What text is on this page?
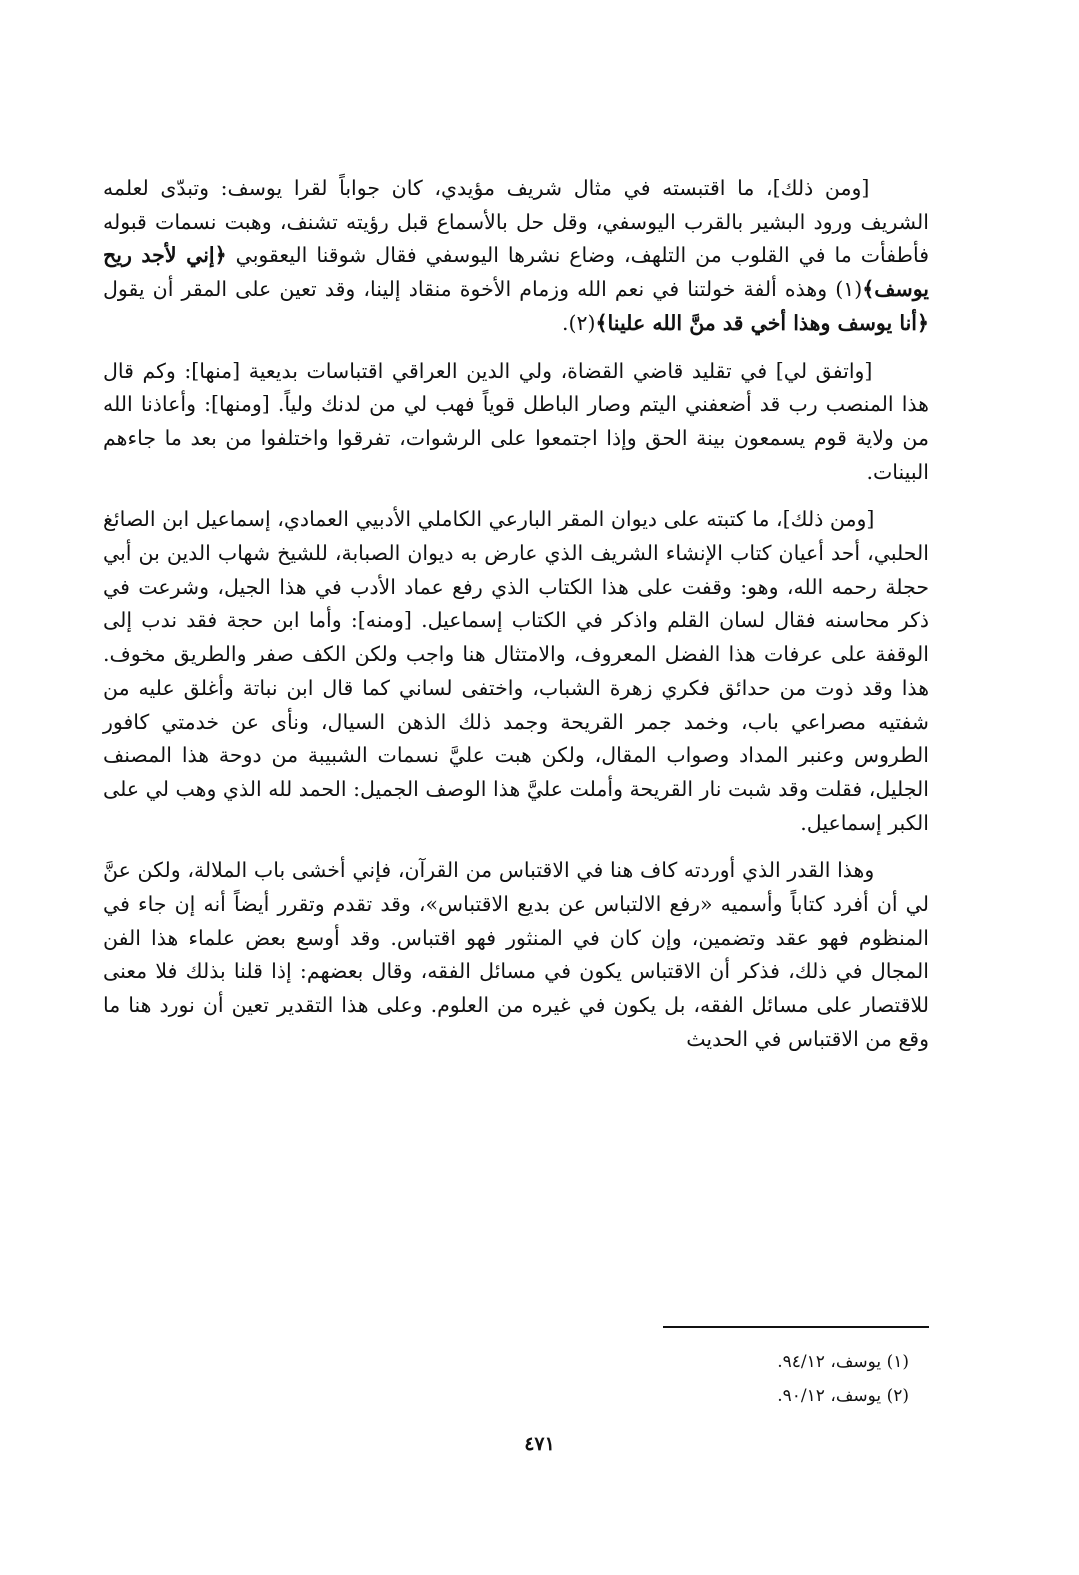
[ومن ذلك]، ما اقتبسته في مثال شريف مؤيدي، كان جواباً لقرا يوسف: وتبدّى لعلمه الشريف ورود البشير بالقرب اليوسفي، وقل حل بالأسماع قبل رؤيته تشنف، وهبت نسمات قبوله فأطفأت ما في القلوب من التلهف، وضاع نشرها اليوسفي فقال شوقنا اليعقوبي ﴿إني لأجد ريح يوسف﴾(١) وهذه ألفة خولتنا في نعم الله وزمام الأخوة منقاد إلينا، وقد تعين على المقر أن يقول ﴿أنا يوسف وهذا أخي قد منَّ الله علينا﴾(٢).

[واتفق لي] في تقليد قاضي القضاة، ولي الدين العراقي اقتباسات بديعية [منها]: وكم قال هذا المنصب رب قد أضعفني اليتم وصار الباطل قوياً فهب لي من لدنك ولياً. [ومنها]: وأعاذنا الله من ولاية قوم يسمعون بينة الحق وإذا اجتمعوا على الرشوات، تفرقوا واختلفوا من بعد ما جاءهم البينات.

[ومن ذلك]، ما كتبته على ديوان المقر البارعي الكاملي الأدبيي العمادي، إسماعيل ابن الصائغ الحلبي، أحد أعيان كتاب الإنشاء الشريف الذي عارض به ديوان الصبابة، للشيخ شهاب الدين بن أبي حجلة رحمه الله، وهو: وقفت على هذا الكتاب الذي رفع عماد الأدب في هذا الجيل، وشرعت في ذكر محاسنه فقال لسان القلم واذكر في الكتاب إسماعيل. [ومنه]: وأما ابن حجة فقد ندب إلى الوقفة على عرفات هذا الفضل المعروف، والامتثال هنا واجب ولكن الكف صفر والطريق مخوف. هذا وقد ذوت من حدائق فكري زهرة الشباب، واختفى لساني كما قال ابن نباتة وأغلق عليه من شفتيه مصراعي باب، وخمد جمر القريحة وجمد ذلك الذهن السيال، ونأى عن خدمتي كافور الطروس وعنبر المداد وصواب المقال، ولكن هبت عليَّ نسمات الشبيبة من دوحة هذا المصنف الجليل، فقلت وقد شبت نار القريحة وأملت عليَّ هذا الوصف الجميل: الحمد لله الذي وهب لي على الكبر إسماعيل.

وهذا القدر الذي أوردته كاف هنا في الاقتباس من القرآن، فإني أخشى باب الملالة، ولكن عنَّ لي أن أفرد كتاباً وأسميه «رفع الالتباس عن بديع الاقتباس»، وقد تقدم وتقرر أيضاً أنه إن جاء في المنظوم فهو عقد وتضمين، وإن كان في المنثور فهو اقتباس. وقد أوسع بعض علماء هذا الفن المجال في ذلك، فذكر أن الاقتباس يكون في مسائل الفقه، وقال بعضهم: إذا قلنا بذلك فلا معنى للاقتصار على مسائل الفقه، بل يكون في غيره من العلوم. وعلى هذا التقدير تعين أن نورد هنا ما وقع من الاقتباس في الحديث

(١) يوسف، ٩٤/١٢.

(٢) يوسف، ٩٠/١٢.

٤٧١
